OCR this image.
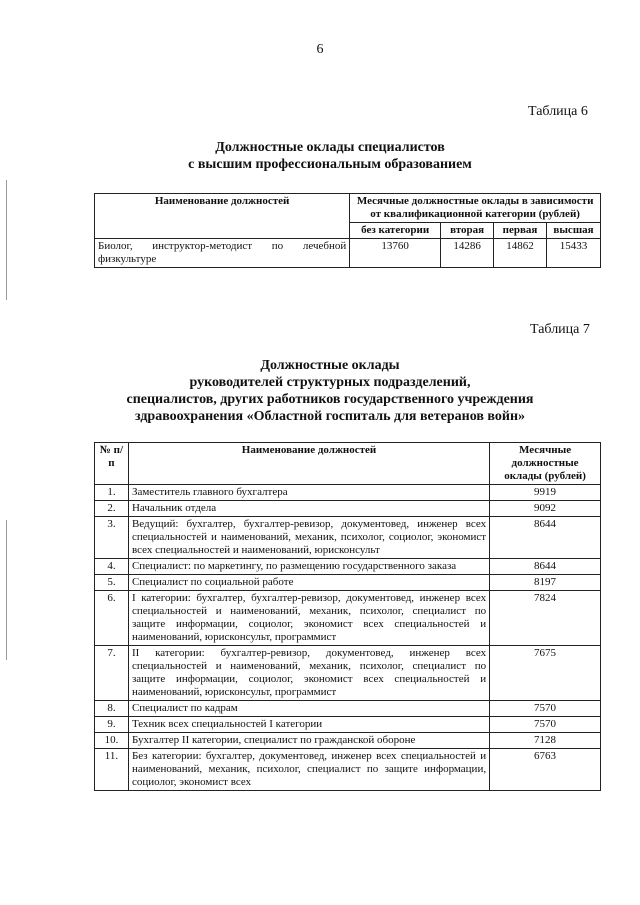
6
Таблица 6
Должностные оклады специалистов
с высшим профессиональным образованием
Наименование должностей	Месячные должностные оклады в зависимости от квалификационной категории (рублей)			
	без категории	вторая	первая	высшая
Биолог, инструктор-методист по лечебной физкультуре	13760	14286	14862	15433
Таблица 7
Должностные оклады
руководителей структурных подразделений,
специалистов, других работников государственного учреждения
здравоохранения «Областной госпиталь для ветеранов войн»
№ п/п	Наименование должностей	Месячные должностные оклады (рублей)
1.	Заместитель главного бухгалтера	9919
2.	Начальник отдела	9092
3.	Ведущий: бухгалтер, бухгалтер-ревизор, документовед, инженер всех специальностей и наименований, механик, психолог, социолог, экономист всех специальностей и наименований, юрисконсульт	8644
4.	Специалист: по маркетингу, по размещению государственного заказа	8644
5.	Специалист по социальной работе	8197
6.	I категории: бухгалтер, бухгалтер-ревизор, документовед, инженер всех специальностей и наименований, механик, психолог, специалист по защите информации, социолог, экономист всех специальностей и наименований, юрисконсульт, программист	7824
7.	II категории: бухгалтер-ревизор, документовед, инженер всех специальностей и наименований, механик, психолог, специалист по защите информации, социолог, экономист всех специальностей и наименований, юрисконсульт, программист	7675
8.	Специалист по кадрам	7570
9.	Техник всех специальностей I категории	7570
10.	Бухгалтер II категории, специалист по гражданской обороне	7128
11.	Без категории: бухгалтер, документовед, инженер всех специальностей и наименований, механик, психолог, специалист по защите информации, социолог, экономист всех	6763
